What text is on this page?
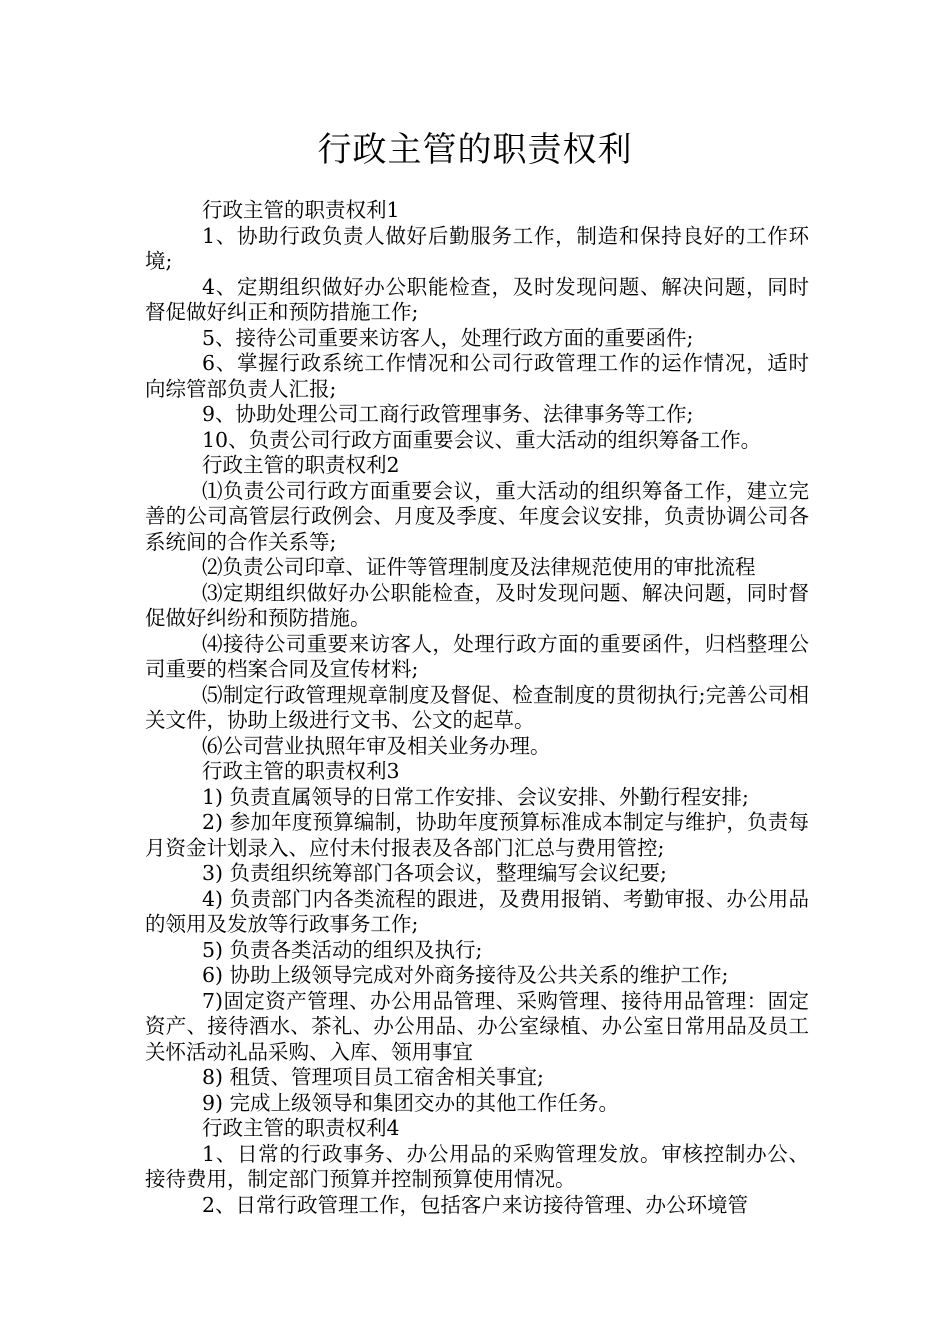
行政主管的职责权利

行政主管的职责权利1

1、协助行政负责人做好后勤服务工作，制造和保持良好的工作环境;

4、定期组织做好办公职能检查，及时发现问题、解决问题，同时督促做好纠正和预防措施工作;

5、接待公司重要来访客人，处理行政方面的重要函件;

6、掌握行政系统工作情况和公司行政管理工作的运作情况，适时向综管部负责人汇报;

9、协助处理公司工商行政管理事务、法律事务等工作;

10、负责公司行政方面重要会议、重大活动的组织筹备工作。

行政主管的职责权利2

⑴负责公司行政方面重要会议，重大活动的组织筹备工作，建立完善的公司高管层行政例会、月度及季度、年度会议安排，负责协调公司各系统间的合作关系等;

⑵负责公司印章、证件等管理制度及法律规范使用的审批流程

⑶定期组织做好办公职能检查，及时发现问题、解决问题，同时督促做好纠纷和预防措施。

⑷接待公司重要来访客人，处理行政方面的重要函件，归档整理公司重要的档案合同及宣传材料;

⑸制定行政管理规章制度及督促、检查制度的贯彻执行;完善公司相关文件，协助上级进行文书、公文的起草。

⑹公司营业执照年审及相关业务办理。

行政主管的职责权利3

1) 负责直属领导的日常工作安排、会议安排、外勤行程安排;

2) 参加年度预算编制，协助年度预算标准成本制定与维护，负责每月资金计划录入、应付未付报表及各部门汇总与费用管控;

3) 负责组织统筹部门各项会议，整理编写会议纪要;

4) 负责部门内各类流程的跟进，及费用报销、考勤审报、办公用品的领用及发放等行政事务工作;

5) 负责各类活动的组织及执行;

6) 协助上级领导完成对外商务接待及公共关系的维护工作;

7)固定资产管理、办公用品管理、采购管理、接待用品管理：固定资产、接待酒水、茶礼、办公用品、办公室绿植、办公室日常用品及员工关怀活动礼品采购、入库、领用事宜

8) 租赁、管理项目员工宿舍相关事宜;

9) 完成上级领导和集团交办的其他工作任务。

行政主管的职责权利4

1、日常的行政事务、办公用品的采购管理发放。审核控制办公、接待费用，制定部门预算并控制预算使用情况。

2、日常行政管理工作，包括客户来访接待管理、办公环境管
